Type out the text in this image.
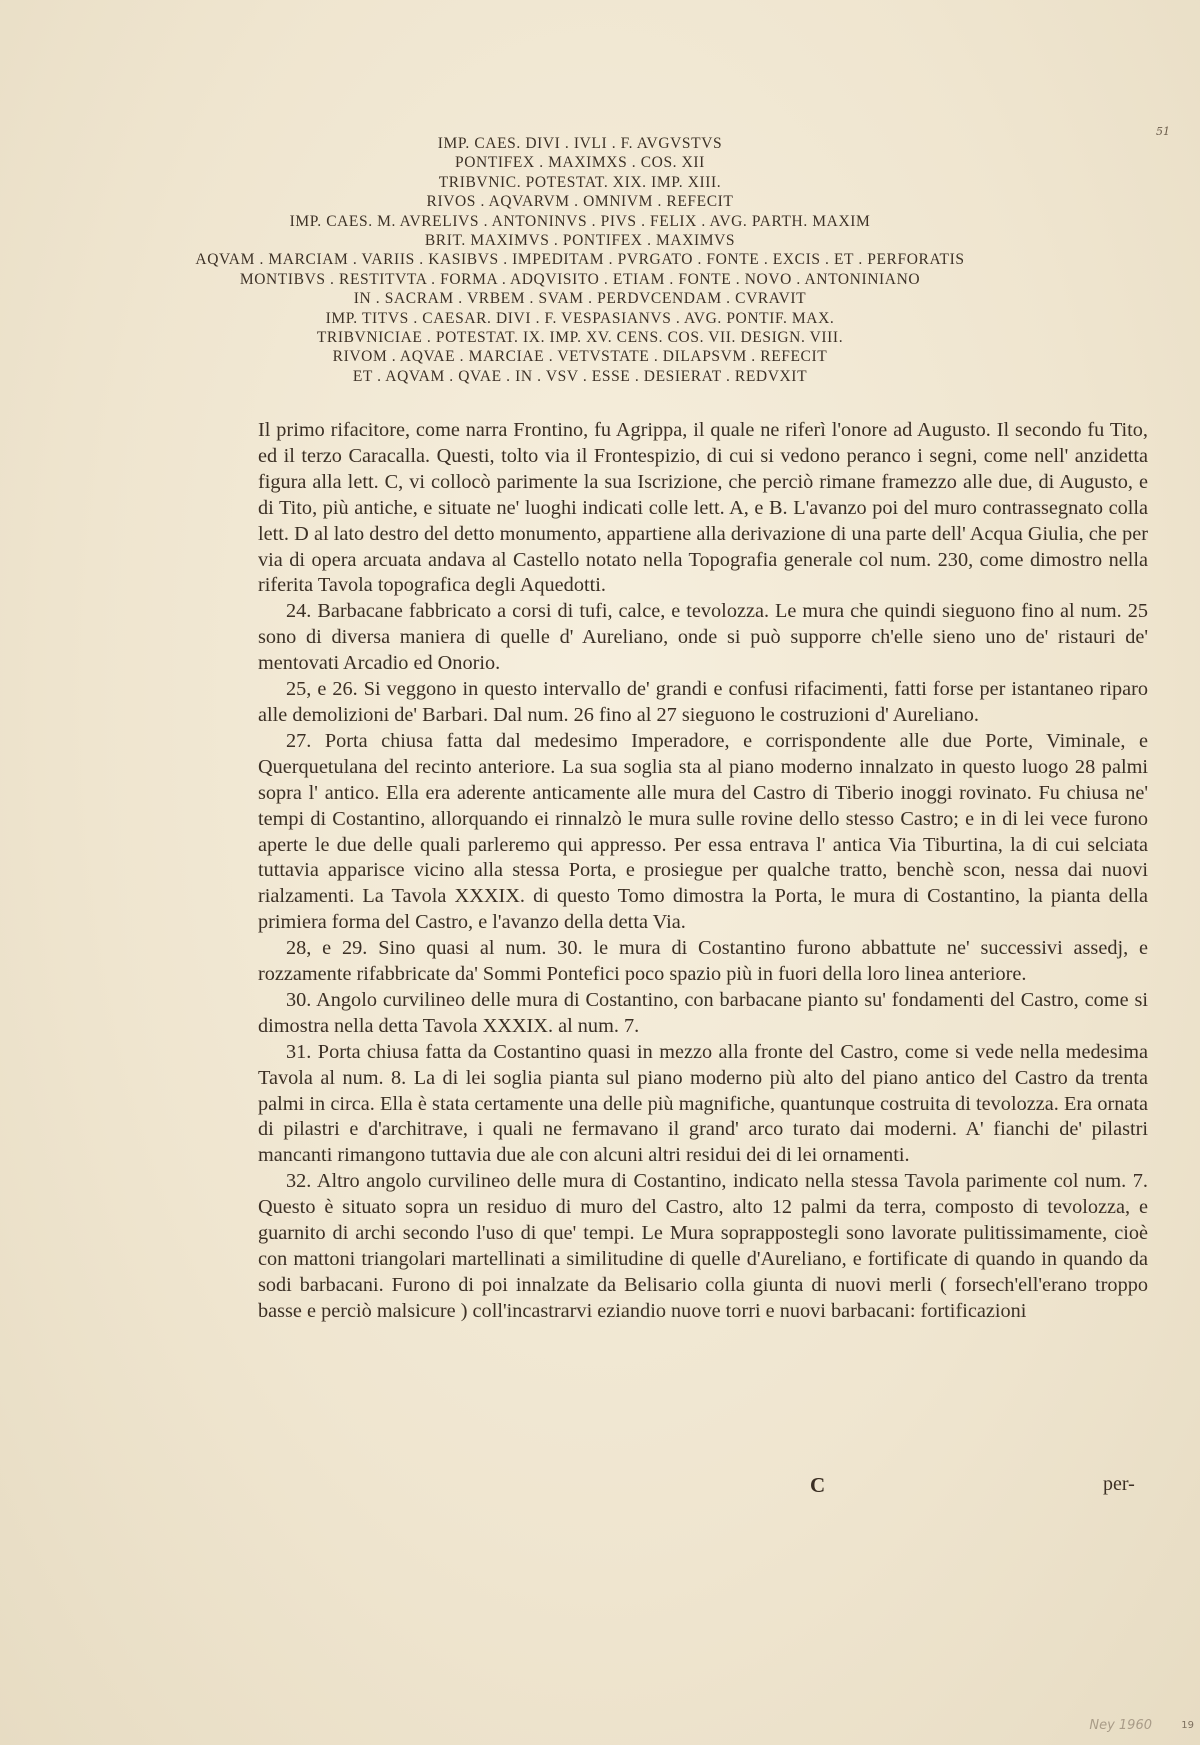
51
IMP. CAES. DIVI . IVLI . F. AVGVSTVS
PONTIFEX . MAXIMXS . COS. XII
TRIBVNIC. POTESTAT. XIX. IMP. XIII.
RIVOS . AQVARVM . OMNIVM . REFECIT
IMP. CAES. M. AVRELIVS . ANTONINVS . PIVS . FELIX . AVG. PARTH. MAXIM
BRIT. MAXIMVS . PONTIFEX . MAXIMVS
AQVAM . MARCIAM . VARIIS . KASIBVS . IMPEDITAM . PVRGATO . FONTE . EXCIS . ET . PERFORATIS
MONTIBVS . RESTITVTA . FORMA . ADQVISITO . ETIAM . FONTE . NOVO . ANTONINIANO
IN . SACRAM . VRBEM . SVAM . PERDVCENDAM . CVRAVIT
IMP. TITVS . CAESAR. DIVI . F. VESPASIANVS . AVG. PONTIF. MAX.
TRIBVNICIAE . POTESTAT. IX. IMP. XV. CENS. COS. VII. DESIGN. VIII.
RIVOM . AQVAE . MARCIAE . VETVSTATE . DILAPSVM . REFECIT
ET . AQVAM . QVAE . IN . VSV . ESSE . DESIERAT . REDVXIT

Il primo rifacitore, come narra Frontino, fu Agrippa, il quale ne riferì l'onore ad Augusto. Il secondo fu Tito, ed il terzo Caracalla. Questi, tolto via il Frontespizio, di cui si vedono peranco i segni, come nell' anzidetta figura alla lett. C, vi collocò parimente la sua Iscrizione, che perciò rimane framezzo alle due, di Augusto, e di Tito, più antiche, e situate ne' luoghi indicati colle lett. A, e B. L'avanzo poi del muro contrassegnato colla lett. D al lato destro del detto monumento, appartiene alla derivazione di una parte dell' Acqua Giulia, che per via di opera arcuata andava al Castello notato nella Topografia generale col num. 230, come dimostro nella riferita Tavola topografica degli Aquedotti.

24. Barbacane fabbricato a corsi di tufi, calce, e tevolozza. Le mura che quindi sieguono fino al num. 25 sono di diversa maniera di quelle d' Aureliano, onde si può supporre ch'elle sieno uno de' ristauri de' mentovati Arcadio ed Onorio.

25, e 26. Si veggono in questo intervallo de' grandi e confusi rifacimenti, fatti forse per istantaneo riparo alle demolizioni de' Barbari. Dal num. 26 fino al 27 sieguono le costruzioni d' Aureliano.

27. Porta chiusa fatta dal medesimo Imperadore, e corrispondente alle due Porte, Viminale, e Querquetulana del recinto anteriore. La sua soglia sta al piano moderno innalzato in questo luogo 28 palmi sopra l' antico. Ella era aderente anticamente alle mura del Castro di Tiberio inoggi rovinato. Fu chiusa ne' tempi di Costantino, allorquando ei rinnalzò le mura sulle rovine dello stesso Castro; e in di lei vece furono aperte le due delle quali parleremo qui appresso. Per essa entrava l' antica Via Tiburtina, la di cui selciata tuttavia apparisce vicino alla stessa Porta, e prosiegue per qualche tratto, benchè scon, nessa dai nuovi rialzamenti. La Tavola XXXIX. di questo Tomo dimostra la Porta, le mura di Costantino, la pianta della primiera forma del Castro, e l'avanzo della detta Via.

28, e 29. Sino quasi al num. 30. le mura di Costantino furono abbattute ne' successivi assedj, e rozzamente rifabbricate da' Sommi Pontefici poco spazio più in fuori della loro linea anteriore.

30. Angolo curvilineo delle mura di Costantino, con barbacane pianto su' fondamenti del Castro, come si dimostra nella detta Tavola XXXIX. al num. 7.

31. Porta chiusa fatta da Costantino quasi in mezzo alla fronte del Castro, come si vede nella medesima Tavola al num. 8. La di lei soglia pianta sul piano moderno più alto del piano antico del Castro da trenta palmi in circa. Ella è stata certamente una delle più magnifiche, quantunque costruita di tevolozza. Era ornata di pilastri e d'architrave, i quali ne fermavano il grand' arco turato dai moderni. A' fianchi de' pilastri mancanti rimangono tuttavia due ale con alcuni altri residui dei di lei ornamenti.

32. Altro angolo curvilineo delle mura di Costantino, indicato nella stessa Tavola parimente col num. 7. Questo è situato sopra un residuo di muro del Castro, alto 12 palmi da terra, composto di tevolozza, e guarnito di archi secondo l'uso di que' tempi. Le Mura soprappostegli sono lavorate pulitissimamente, cioè con mattoni triangolari martellinati a similitudine di quelle d'Aureliano, e fortificate di quando in quando da sodi barbacani. Furono di poi innalzate da Belisario colla giunta di nuovi merli ( forsech'ell'erano troppo basse e perciò malsicure ) coll'incastrarvi eziandio nuove torri e nuovi barbacani: fortificazioni

C	per-
Ney 1960	19
